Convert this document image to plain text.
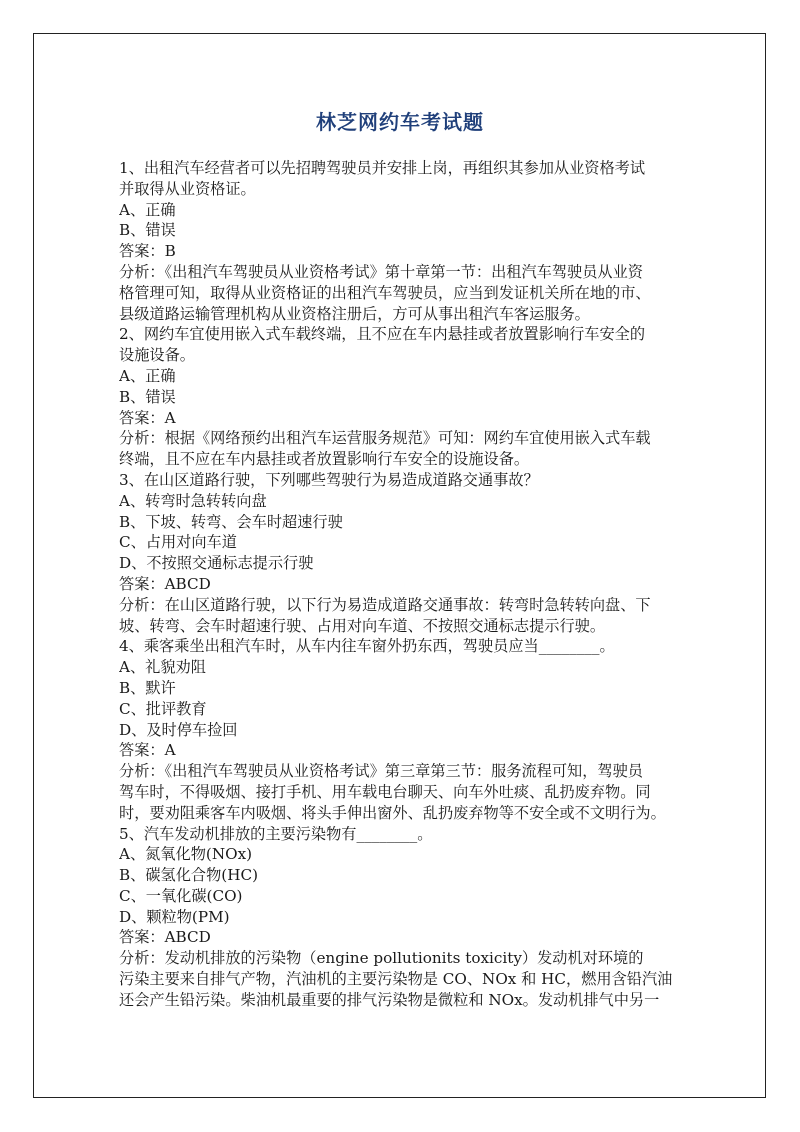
林芝网约车考试题
1、出租汽车经营者可以先招聘驾驶员并安排上岗，再组织其参加从业资格考试
并取得从业资格证。
A、正确
B、错误
答案：B
分析：《出租汽车驾驶员从业资格考试》第十章第一节：出租汽车驾驶员从业资
格管理可知，取得从业资格证的出租汽车驾驶员，应当到发证机关所在地的市、
县级道路运输管理机构从业资格注册后，方可从事出租汽车客运服务。
2、网约车宜使用嵌入式车载终端，且不应在车内悬挂或者放置影响行车安全的
设施设备。
A、正确
B、错误
答案：A
分析：根据《网络预约出租汽车运营服务规范》可知：网约车宜使用嵌入式车载
终端，且不应在车内悬挂或者放置影响行车安全的设施设备。
3、在山区道路行驶，下列哪些驾驶行为易造成道路交通事故？
A、转弯时急转转向盘
B、下坡、转弯、会车时超速行驶
C、占用对向车道
D、不按照交通标志提示行驶
答案：ABCD
分析：在山区道路行驶，以下行为易造成道路交通事故：转弯时急转转向盘、下
坡、转弯、会车时超速行驶、占用对向车道、不按照交通标志提示行驶。
4、乘客乘坐出租汽车时，从车内往车窗外扔东西，驾驶员应当________。
A、礼貌劝阻
B、默许
C、批评教育
D、及时停车捡回
答案：A
分析：《出租汽车驾驶员从业资格考试》第三章第三节：服务流程可知，驾驶员
驾车时，不得吸烟、接打手机、用车载电台聊天、向车外吐痰、乱扔废弃物。同
时，要劝阻乘客车内吸烟、将头手伸出窗外、乱扔废弃物等不安全或不文明行为。
5、汽车发动机排放的主要污染物有________。
A、氮氧化物(NOx)
B、碳氢化合物(HC)
C、一氧化碳(CO)
D、颗粒物(PM)
答案：ABCD
分析：发动机排放的污染物（engine pollutionits toxicity）发动机对环境的
污染主要来自排气产物，汽油机的主要污染物是 CO、NOx 和 HC，燃用含铅汽油
还会产生铅污染。柴油机最重要的排气污染物是微粒和 NOx。发动机排气中另一
